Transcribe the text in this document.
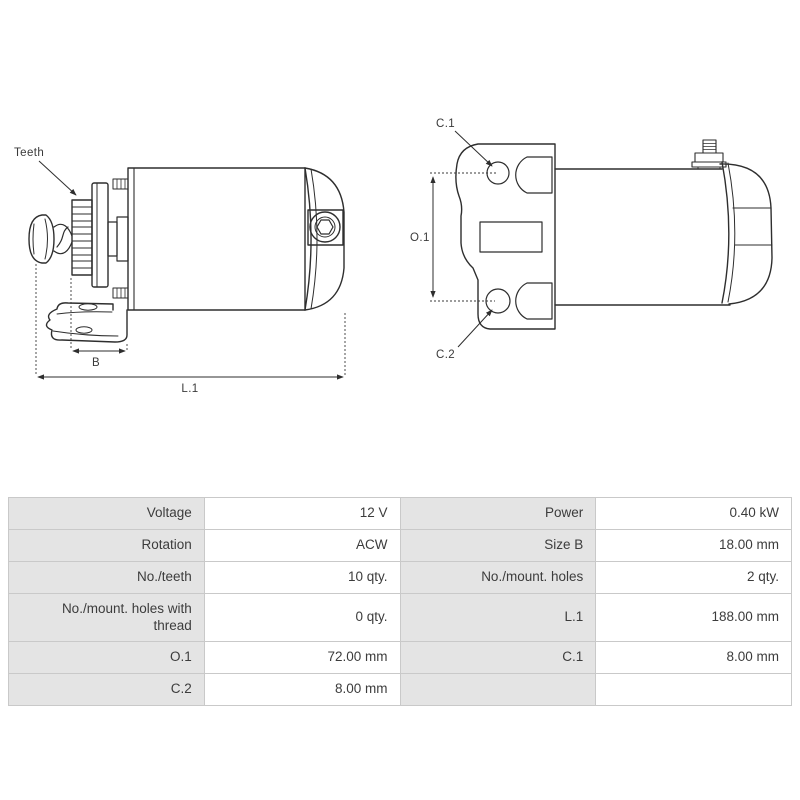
Teeth
B
L.1
C.1
O.1
C.2
Voltage	12 V	Power	0.40 kW
Rotation	ACW	Size B	18.00 mm
No./teeth	10 qty.	No./mount. holes	2 qty.
No./mount. holes with thread	0 qty.	L.1	188.00 mm
O.1	72.00 mm	C.1	8.00 mm
C.2	8.00 mm		
